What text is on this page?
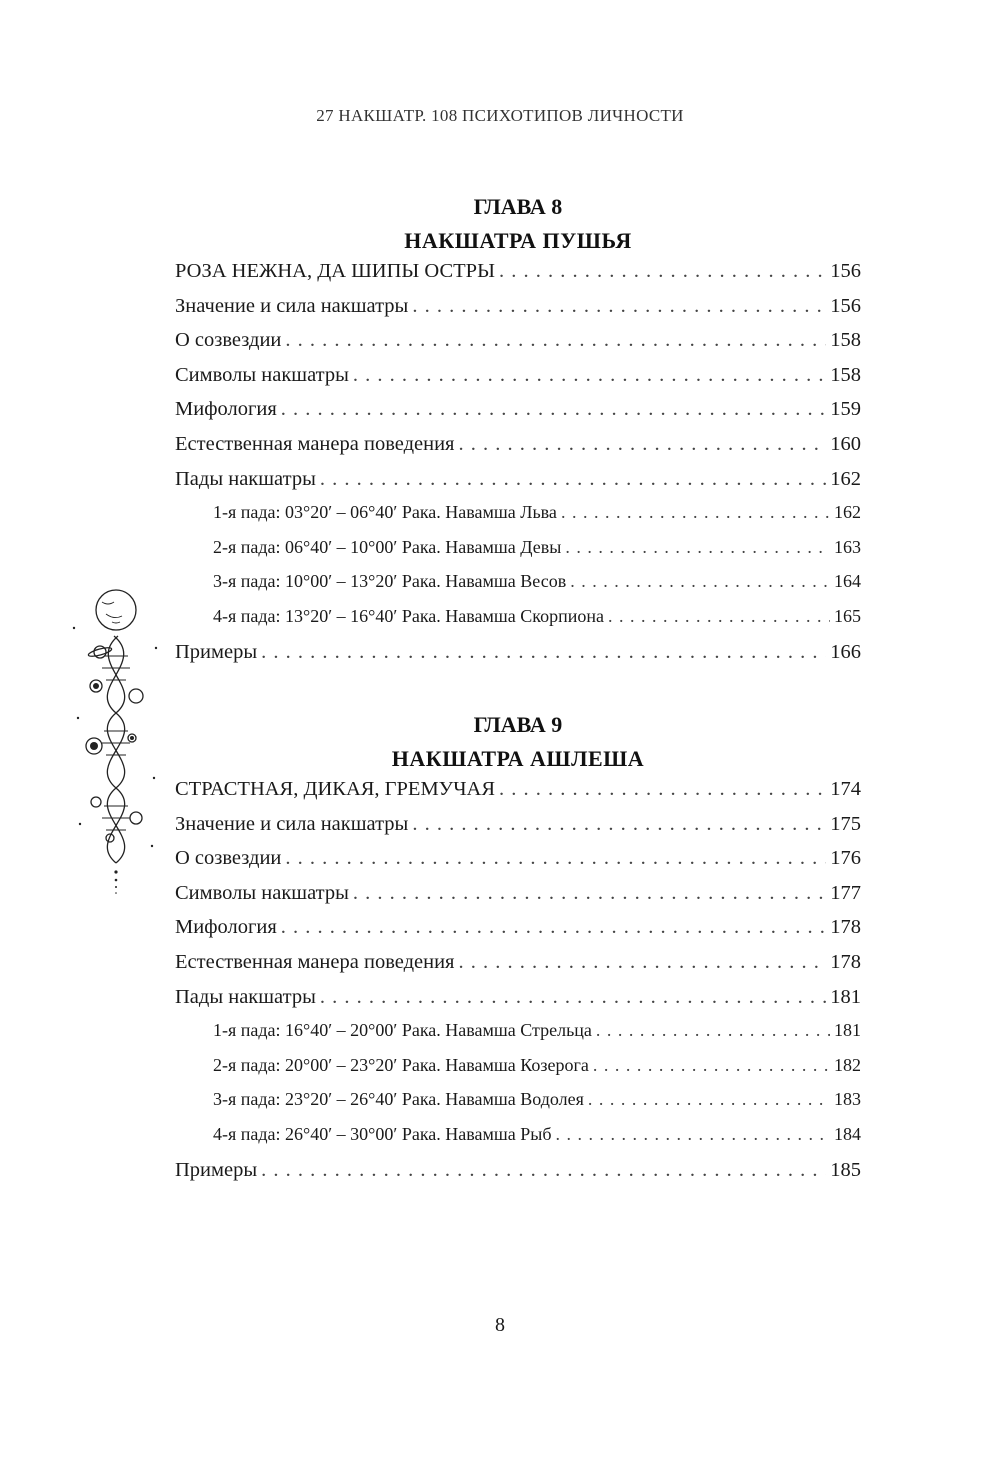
27 НАКШАТР. 108 ПСИХОТИПОВ ЛИЧНОСТИ
ГЛАВА 8
НАКШАТРА ПУШЬЯ
РОЗА НЕЖНА, ДА ШИПЫ ОСТРЫ . . .	156
Значение и сила накшатры . . .	156
О созвездии . . .	158
Символы накшатры . . .	158
Мифология . . .	159
Естественная манера поведения . . .	160
Пады накшатры . . .	162
1-я пада: 03°20′ – 06°40′ Рака. Навамша Льва . . .	162
2-я пада: 06°40′ – 10°00′ Рака. Навамша Девы . . .	163
3-я пада: 10°00′ – 13°20′ Рака. Навамша Весов . . .	164
4-я пада: 13°20′ – 16°40′ Рака. Навамша Скорпиона . . .	165
Примеры . . .	166
ГЛАВА 9
НАКШАТРА АШЛЕША
СТРАСТНАЯ, ДИКАЯ, ГРЕМУЧАЯ . . .	174
Значение и сила накшатры . . .	175
О созвездии . . .	176
Символы накшатры . . .	177
Мифология . . .	178
Естественная манера поведения . . .	178
Пады накшатры . . .	181
1-я пада: 16°40′ – 20°00′ Рака. Навамша Стрельца . . .	181
2-я пада: 20°00′ – 23°20′ Рака. Навамша Козерога . . .	182
3-я пада: 23°20′ – 26°40′ Рака. Навамша Водолея . . .	183
4-я пада: 26°40′ – 30°00′ Рака. Навамша Рыб . . .	184
Примеры . . .	185
8
